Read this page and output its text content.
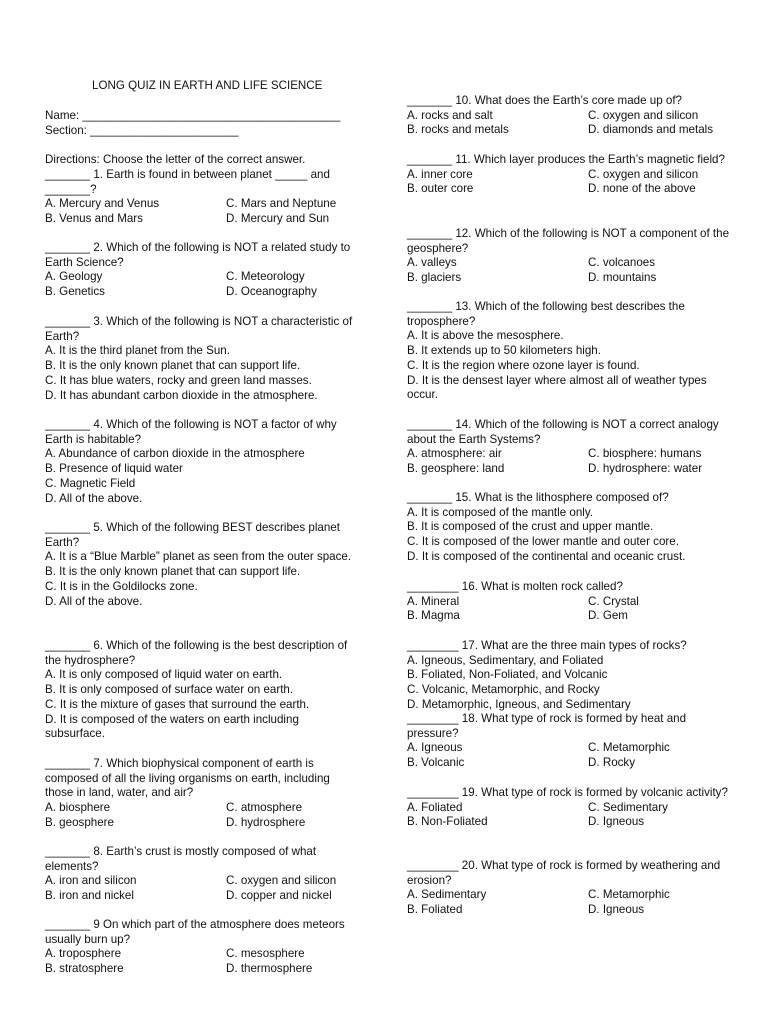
LONG QUIZ IN EARTH AND LIFE SCIENCE
Name: ________________________________________
Section: _______________________
Directions: Choose the letter of the correct answer.
_______ 1. Earth is found in between planet _____ and _______?
A. Mercury and Venus	C. Mars and Neptune
B. Venus and Mars	D. Mercury and Sun
_______ 2. Which of the following is NOT a related study to Earth Science?
A. Geology	C. Meteorology
B. Genetics	D. Oceanography
_______ 3. Which of the following is NOT a characteristic of Earth?
A. It is the third planet from the Sun.
B. It is the only known planet that can support life.
C. It has blue waters, rocky and green land masses.
D. It has abundant carbon dioxide in the atmosphere.
_______ 4. Which of the following is NOT a factor of why Earth is habitable?
A. Abundance of carbon dioxide in the atmosphere
B. Presence of liquid water
C. Magnetic Field
D. All of the above.
_______ 5. Which of the following BEST describes planet Earth?
A. It is a “Blue Marble” planet as seen from the outer space.
B. It is the only known planet that can support life.
C. It is in the Goldilocks zone.
D. All of the above.
_______ 6. Which of the following is the best description of the hydrosphere?
A. It is only composed of liquid water on earth.
B. It is only composed of surface water on earth.
C. It is the mixture of gases that surround the earth.
D. It is composed of the waters on earth including subsurface.
_______ 7. Which biophysical component of earth is composed of all the living organisms on earth, including those in land, water, and air?
A. biosphere	C. atmosphere
B. geosphere	D. hydrosphere
_______ 8. Earth’s crust is mostly composed of what elements?
A. iron and silicon	C. oxygen and silicon
B. iron and nickel	D. copper and nickel
_______ 9 On which part of the atmosphere does meteors usually burn up?
A. troposphere	C. mesosphere
B. stratosphere	D. thermosphere
_______ 10. What does the Earth’s core made up of?
A. rocks and salt	C. oxygen and silicon
B. rocks and metals	D. diamonds and metals
_______ 11. Which layer produces the Earth’s magnetic field?
A. inner core	C. oxygen and silicon
B. outer core	D. none of the above
_______ 12. Which of the following is NOT a component of the geosphere?
A. valleys	C. volcanoes
B. glaciers	D. mountains
_______ 13. Which of the following best describes the troposphere?
A. It is above the mesosphere.
B. It extends up to 50 kilometers high.
C. It is the region where ozone layer is found.
D. It is the densest layer where almost all of weather types occur.
_______ 14. Which of the following is NOT a correct analogy about the Earth Systems?
A. atmosphere: air	C. biosphere: humans
B. geosphere: land	D. hydrosphere: water
_______ 15. What is the lithosphere composed of?
A. It is composed of the mantle only.
B. It is composed of the crust and upper mantle.
C. It is composed of the lower mantle and outer core.
D. It is composed of the continental and oceanic crust.
________ 16. What is molten rock called?
A. Mineral	C. Crystal
B. Magma	D. Gem
________ 17. What are the three main types of rocks?
A. Igneous, Sedimentary, and Foliated
B. Foliated, Non-Foliated, and Volcanic
C. Volcanic, Metamorphic, and Rocky
D. Metamorphic, Igneous, and Sedimentary
________ 18. What type of rock is formed by heat and pressure?
A. Igneous	C. Metamorphic
B. Volcanic	D. Rocky
________ 19. What type of rock is formed by volcanic activity?
A. Foliated	C. Sedimentary
B. Non-Foliated	D. Igneous
________ 20. What type of rock is formed by weathering and erosion?
A. Sedimentary	C. Metamorphic
B. Foliated	D. Igneous
